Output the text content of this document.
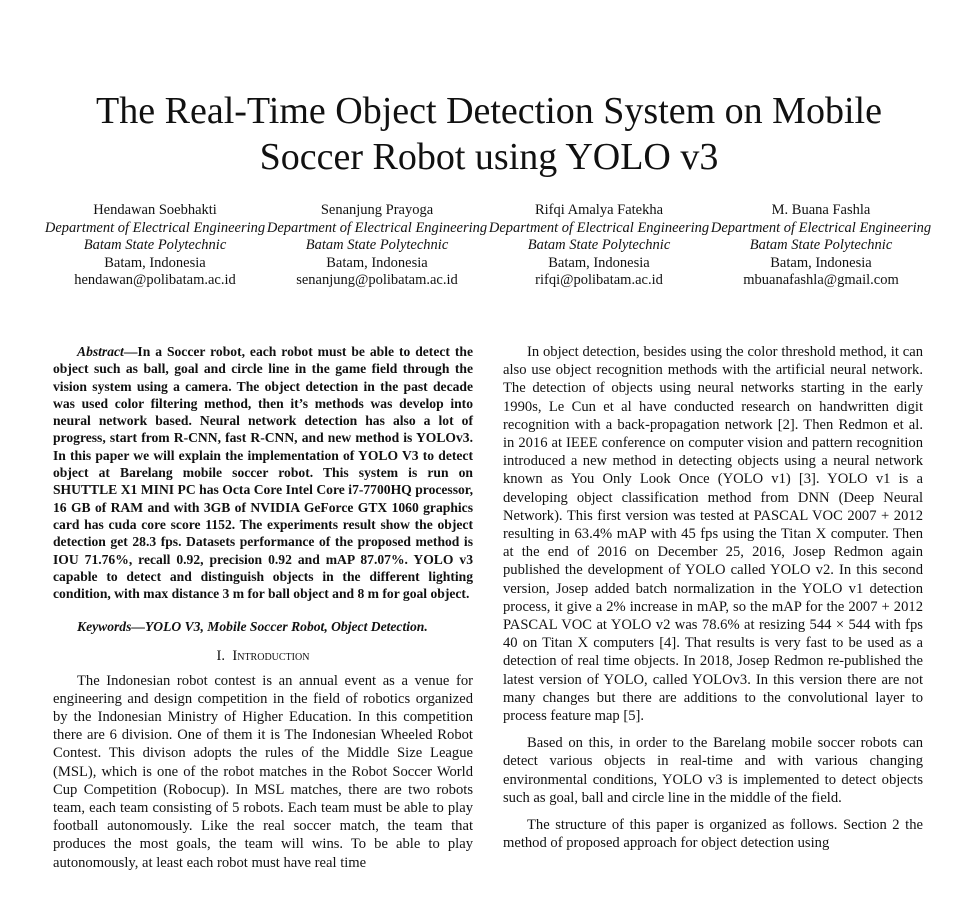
The Real-Time Object Detection System on Mobile Soccer Robot using YOLO v3
Hendawan Soebhakti
Department of Electrical Engineering
Batam State Polytechnic
Batam, Indonesia
hendawan@polibatam.ac.id
Senanjung Prayoga
Department of Electrical Engineering
Batam State Polytechnic
Batam, Indonesia
senanjung@polibatam.ac.id
Rifqi Amalya Fatekha
Department of Electrical Engineering
Batam State Polytechnic
Batam, Indonesia
rifqi@polibatam.ac.id
M. Buana Fashla
Department of Electrical Engineering
Batam State Polytechnic
Batam, Indonesia
mbuanafashla@gmail.com

Abstract—In a Soccer robot, each robot must be able to detect the object such as ball, goal and circle line in the game field through the vision system using a camera. The object detection in the past decade was used color filtering method, then it’s methods was develop into neural network based. Neural network detection has also a lot of progress, start from R-CNN, fast R-CNN, and new method is YOLOv3. In this paper we will explain the implementation of YOLO V3 to detect object at Barelang mobile soccer robot. This system is run on SHUTTLE X1 MINI PC has Octa Core Intel Core i7-7700HQ processor, 16 GB of RAM and with 3GB of NVIDIA GeForce GTX 1060 graphics card has cuda core score 1152. The experiments result show the object detection get 28.3 fps. Datasets performance of the proposed method is IOU 71.76%, recall 0.92, precision 0.92 and mAP 87.07%. YOLO v3 capable to detect and distinguish objects in the different lighting condition, with max distance 3 m for ball object and 8 m for goal object.

Keywords—YOLO V3, Mobile Soccer Robot, Object Detection.

I. Introduction

The Indonesian robot contest is an annual event as a venue for engineering and design competition in the field of robotics organized by the Indonesian Ministry of Higher Education. In this competition there are 6 division. One of them it is The Indonesian Wheeled Robot Contest. This divison adopts the rules of the Middle Size League (MSL), which is one of the robot matches in the Robot Soccer World Cup Competition (Robocup). In MSL matches, there are two robots team, each team consisting of 5 robots. Each team must be able to play football autonomously. Like the real soccer match, the team that produces the most goals, the team will wins. To be able to play autonomously, at least each robot must have real time

In object detection, besides using the color threshold method, it can also use object recognition methods with the artificial neural network. The detection of objects using neural networks starting in the early 1990s, Le Cun et al have conducted research on handwritten digit recognition with a back-propagation network [2]. Then Redmon et al. in 2016 at IEEE conference on computer vision and pattern recognition introduced a new method in detecting objects using a neural network known as You Only Look Once (YOLO v1) [3]. YOLO v1 is a developing object classification method from DNN (Deep Neural Network). This first version was tested at PASCAL VOC 2007 + 2012 resulting in 63.4% mAP with 45 fps using the Titan X computer. Then at the end of 2016 on December 25, 2016, Josep Redmon again published the development of YOLO called YOLO v2. In this second version, Josep added batch normalization in the YOLO v1 detection process, it give a 2% increase in mAP, so the mAP for the 2007 + 2012 PASCAL VOC at YOLO v2 was 78.6% at resizing 544 × 544 with fps 40 on Titan X computers [4]. That results is very fast to be used as a detection of real time objects. In 2018, Josep Redmon re-published the latest version of YOLO, called YOLOv3. In this version there are not many changes but there are additions to the convolutional layer to process feature map [5].

Based on this, in order to the Barelang mobile soccer robots can detect various objects in real-time and with various changing environmental conditions, YOLO v3 is implemented to detect objects such as goal, ball and circle line in the middle of the field.

The structure of this paper is organized as follows. Section 2 the method of proposed approach for object detection using
